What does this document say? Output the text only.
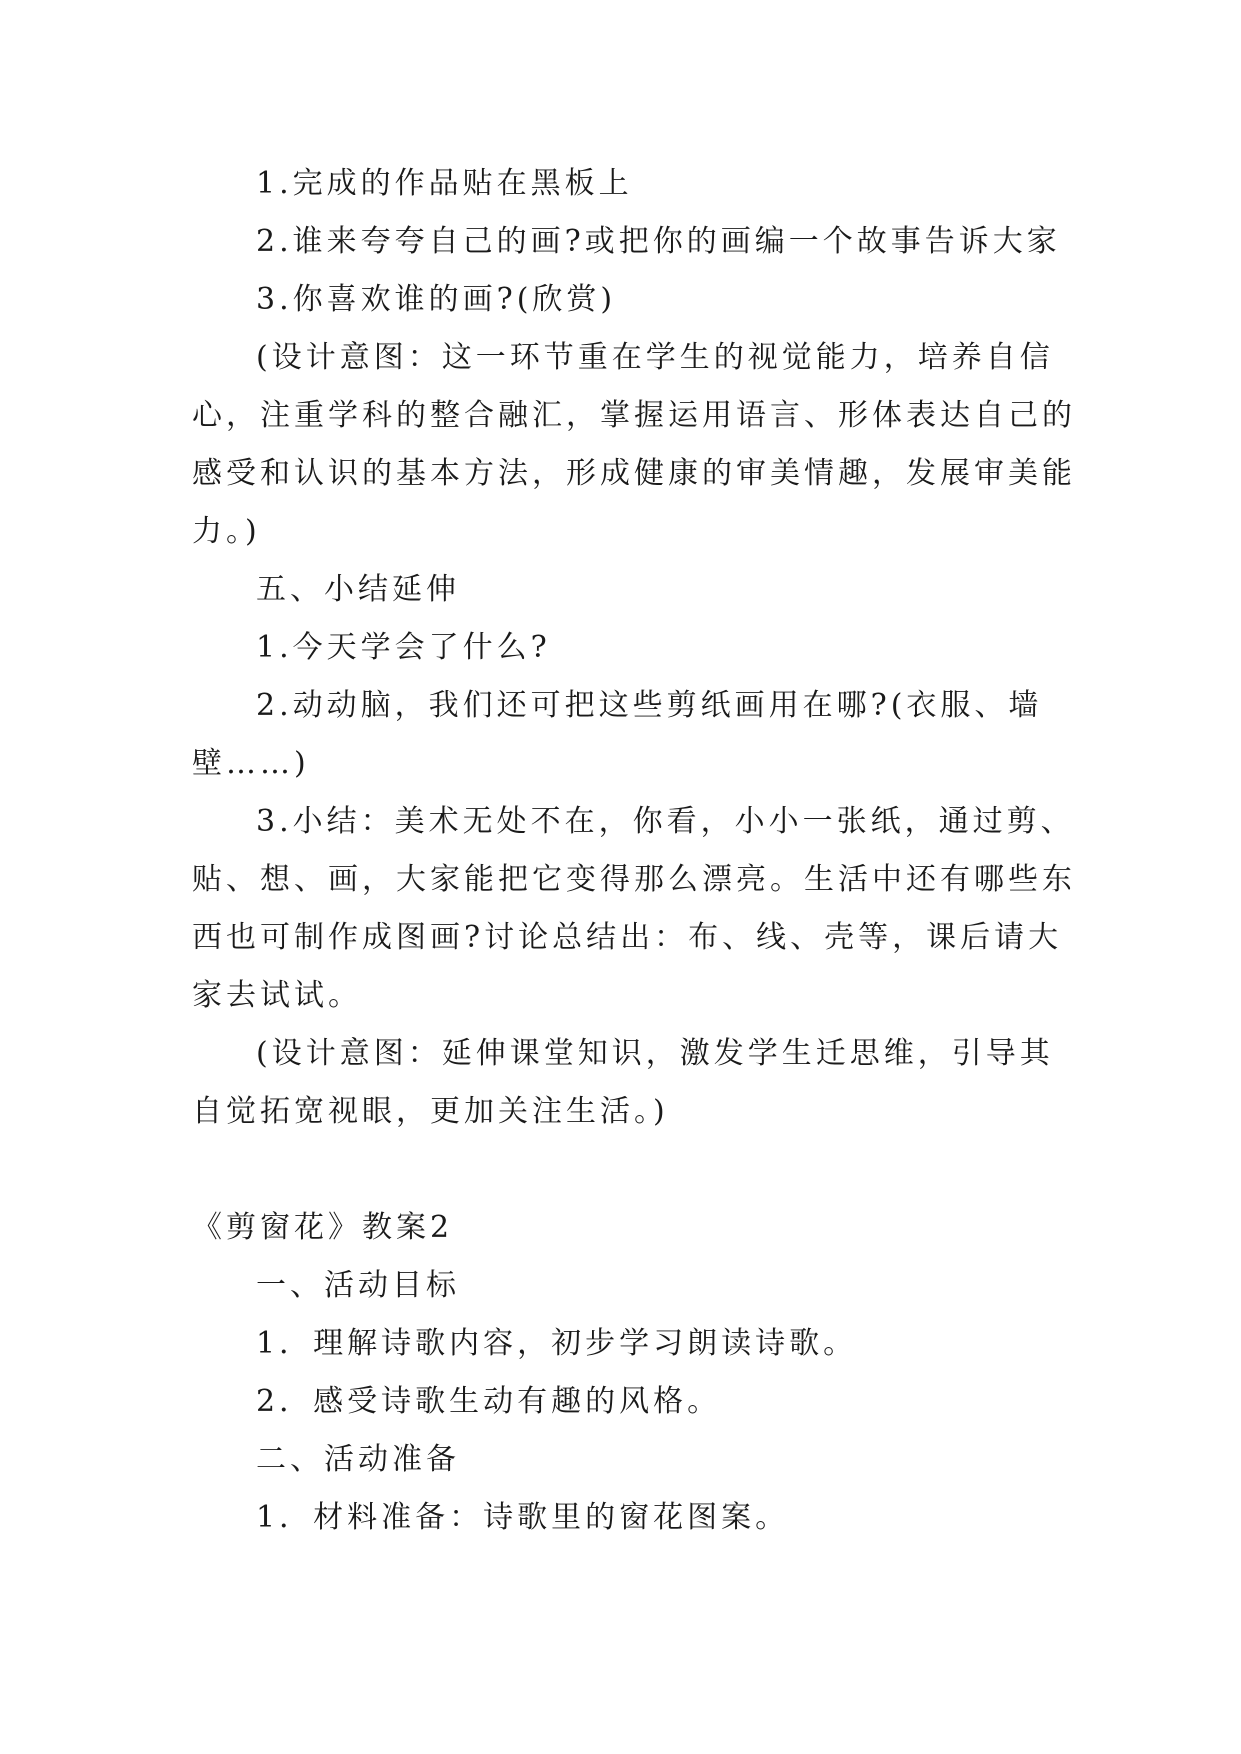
1.完成的作品贴在黑板上
2.谁来夸夸自己的画?或把你的画编一个故事告诉大家
3.你喜欢谁的画?(欣赏)
(设计意图：这一环节重在学生的视觉能力，培养自信
心，注重学科的整合融汇，掌握运用语言、形体表达自己的
感受和认识的基本方法，形成健康的审美情趣，发展审美能
力。)
五、小结延伸
1.今天学会了什么?
2.动动脑，我们还可把这些剪纸画用在哪?(衣服、墙
壁……)
3.小结：美术无处不在，你看，小小一张纸，通过剪、
贴、想、画，大家能把它变得那么漂亮。生活中还有哪些东
西也可制作成图画?讨论总结出：布、线、壳等，课后请大
家去试试。
(设计意图：延伸课堂知识，激发学生迁思维，引导其
自觉拓宽视眼，更加关注生活。)
《剪窗花》教案2
一、活动目标
1．理解诗歌内容，初步学习朗读诗歌。
2．感受诗歌生动有趣的风格。
二、活动准备
1．材料准备：诗歌里的窗花图案。
